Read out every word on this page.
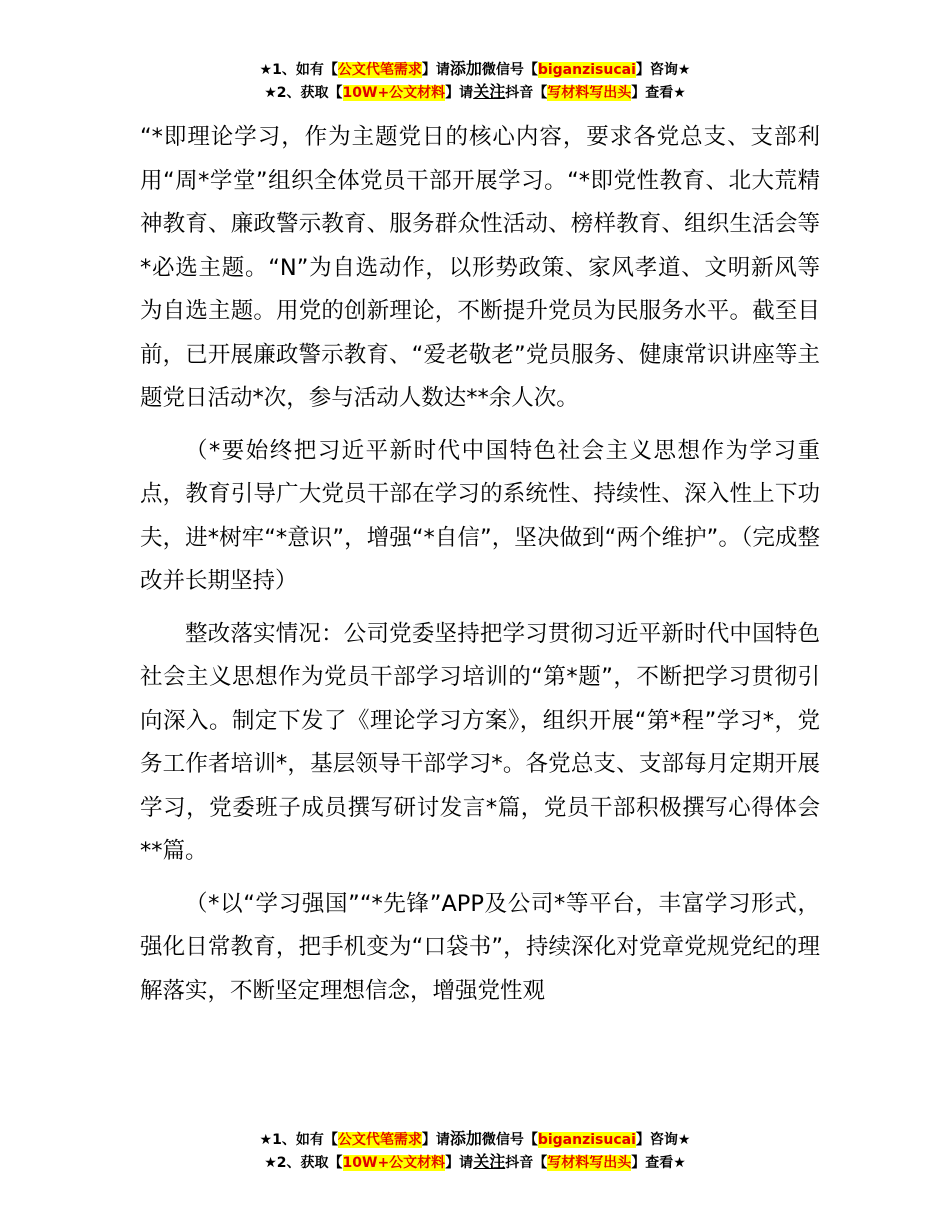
★1、如有【公文代笔需求】请添加微信号【biganzisucai】咨询★
★2、获取【10W+公文材料】请关注抖音【写材料写出头】查看★

“*即理论学习，作为主题党日的核心内容，要求各党总支、支部利用“周*学堂”组织全体党员干部开展学习。“*即党性教育、北大荒精神教育、廉政警示教育、服务群众性活动、榜样教育、组织生活会等*必选主题。“N”为自选动作，以形势政策、家风孝道、文明新风等为自选主题。用党的创新理论，不断提升党员为民服务水平。截至目前，已开展廉政警示教育、“爱老敬老”党员服务、健康常识讲座等主题党日活动*次，参与活动人数达**余人次。

（*要始终把习近平新时代中国特色社会主义思想作为学习重点，教育引导广大党员干部在学习的系统性、持续性、深入性上下功夫，进*树牢“*意识”，增强“*自信”，坚决做到“两个维护”。（完成整改并长期坚持）

整改落实情况：公司党委坚持把学习贯彻习近平新时代中国特色社会主义思想作为党员干部学习培训的“第*题”，不断把学习贯彻引向深入。制定下发了《理论学习方案》，组织开展“第*程”学习*，党务工作者培训*，基层领导干部学习*。各党总支、支部每月定期开展学习，党委班子成员撰写研讨发言*篇，党员干部积极撰写心得体会**篇。

（*以“学习强国”“*先锋”APP及公司*等平台，丰富学习形式，强化日常教育，把手机变为“口袋书”，持续深化对党章党规党纪的理解落实，不断坚定理想信念，增强党性观

★1、如有【公文代笔需求】请添加微信号【biganzisucai】咨询★
★2、获取【10W+公文材料】请关注抖音【写材料写出头】查看★
